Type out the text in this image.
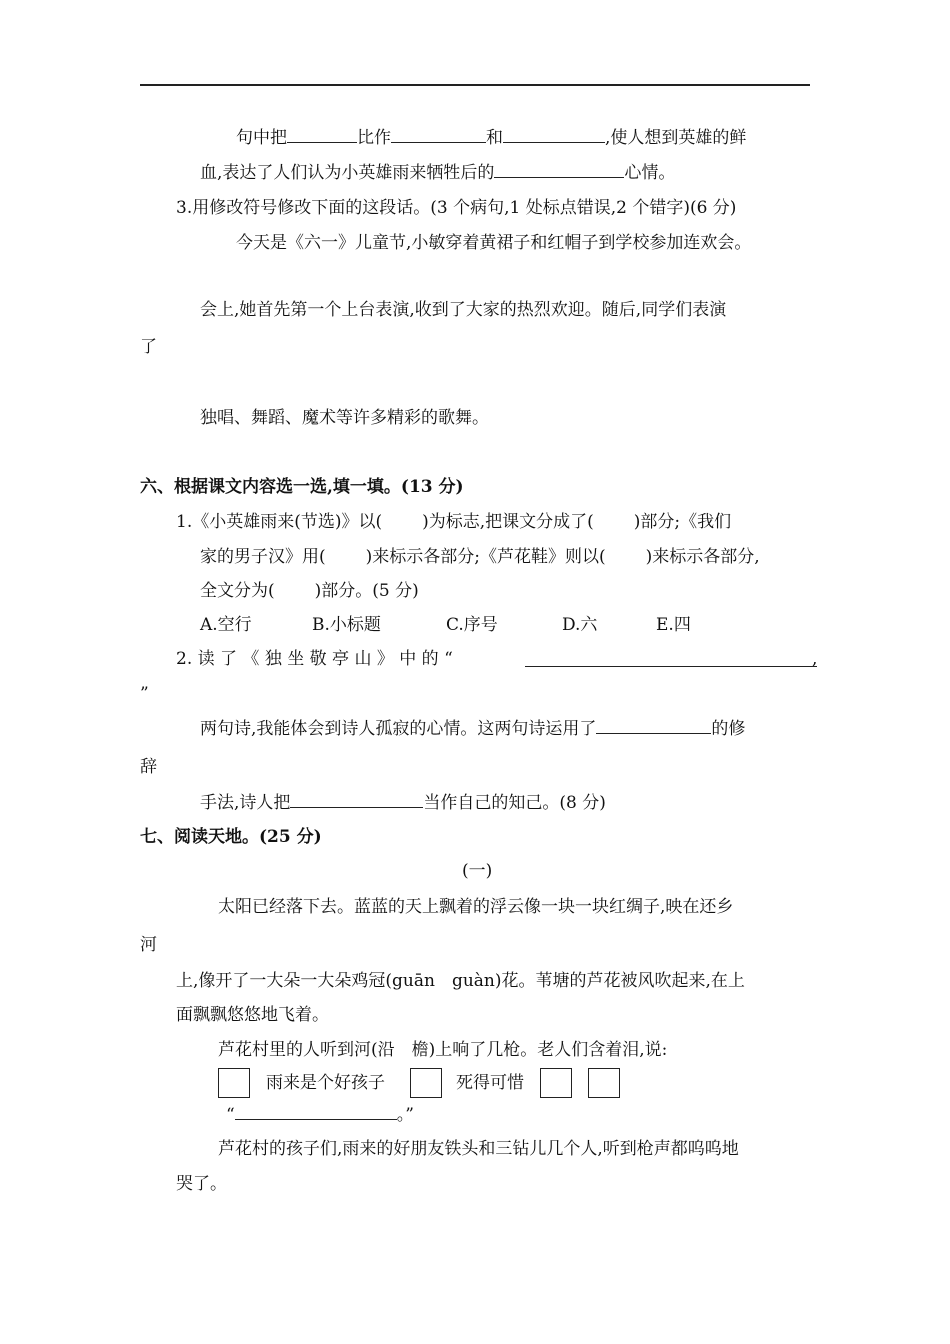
句中把	比作	和	,使人想到英雄的鲜
血,表达了人们认为小英雄雨来牺牲后的	心情。
3.用修改符号修改下面的这段话。(3 个病句,1 处标点错误,2 个错字)(6 分)
今天是《六一》儿童节,小敏穿着黄裙子和红帽子到学校参加连欢会。
会上,她首先第一个上台表演,收到了大家的热烈欢迎。随后,同学们表演
了
独唱、舞蹈、魔术等许多精彩的歌舞。
六、根据课文内容选一选,填一填。(13 分)
1.《小英雄雨来(节选)》以( )为标志,把课文分成了( )部分;《我们
家的男子汉》用( )来标示各部分;《芦花鞋》则以( )来标示各部分,
全文分为( )部分。(5 分)
A.空行	B.小标题	C.序号	D.六	E.四
2. 读 了 《 独 坐 敬 亭 山 》 中 的 “	,
”
两句诗,我能体会到诗人孤寂的心情。这两句诗运用了	的修
辞
手法,诗人把	当作自己的知己。(8 分)
七、阅读天地。(25 分)
(一)
太阳已经落下去。蓝蓝的天上飘着的浮云像一块一块红绸子,映在还乡
河
上,像开了一大朵一大朵鸡冠(guān　guàn)花。苇塘的芦花被风吹起来,在上
面飘飘悠悠地飞着。
芦花村里的人听到河(沿　檐)上响了几枪。老人们含着泪,说:
雨来是个好孩子	死得可惜
“	。”
芦花村的孩子们,雨来的好朋友铁头和三钻儿几个人,听到枪声都呜呜地
哭了。
